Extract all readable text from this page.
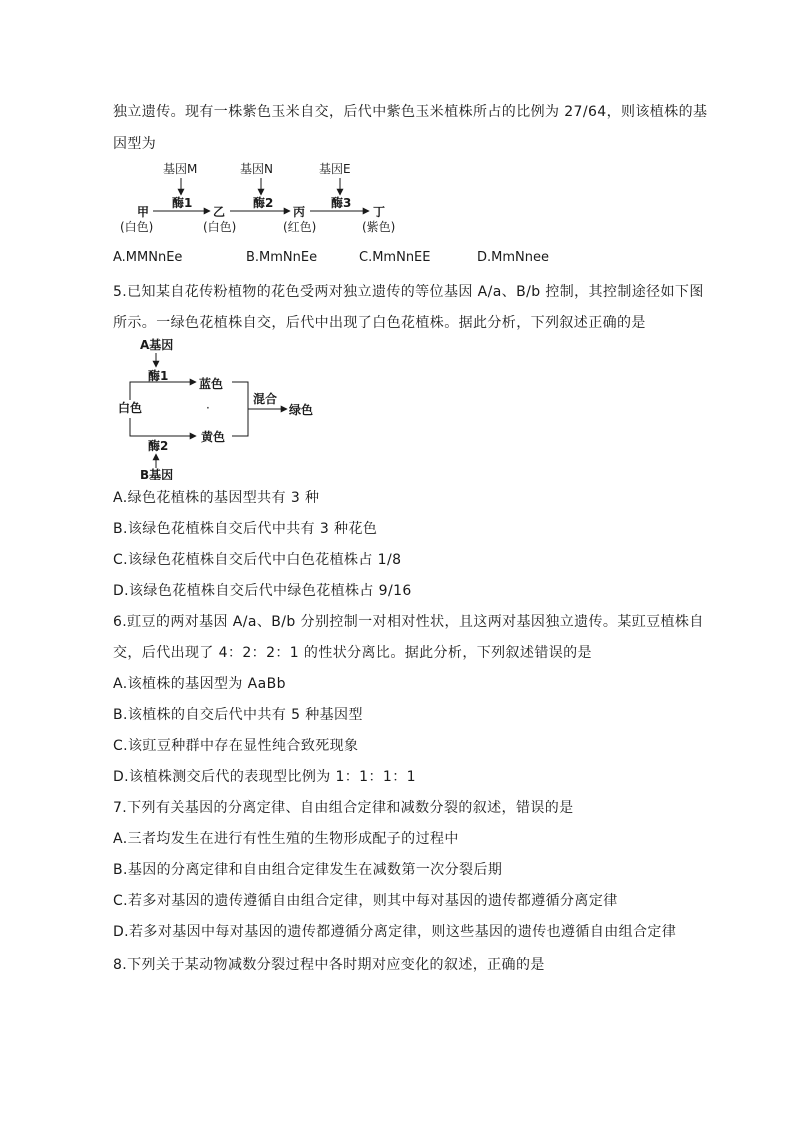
独立遗传。现有一株紫色玉米自交，后代中紫色玉米植株所占的比例为 27/64，则该植株的基
因型为
基因M	基因N	基因E
酶1	酶2	酶3
甲
(白色)
乙
(白色)
丙
(红色)
丁
(紫色)
A.MMNnEe	B.MmNnEe	C.MmNnEE	D.MmNnee
5.已知某自花传粉植物的花色受两对独立遗传的等位基因 A/a、B/b 控制，其控制途径如下图
所示。一绿色花植株自交，后代中出现了白色花植株。据此分析，下列叙述正确的是
A基因
酶1
蓝色
白色	·
黄色
混合
绿色
酶2
B基因
A.绿色花植株的基因型共有 3 种
B.该绿色花植株自交后代中共有 3 种花色
C.该绿色花植株自交后代中白色花植株占 1/8
D.该绿色花植株自交后代中绿色花植株占 9/16
6.豇豆的两对基因 A/a、B/b 分别控制一对相对性状，且这两对基因独立遗传。某豇豆植株自
交，后代出现了 4：2：2：1 的性状分离比。据此分析，下列叙述错误的是
A.该植株的基因型为 AaBb
B.该植株的自交后代中共有 5 种基因型
C.该豇豆种群中存在显性纯合致死现象
D.该植株测交后代的表现型比例为 1：1：1：1
7.下列有关基因的分离定律、自由组合定律和减数分裂的叙述，错误的是
A.三者均发生在进行有性生殖的生物形成配子的过程中
B.基因的分离定律和自由组合定律发生在减数第一次分裂后期
C.若多对基因的遗传遵循自由组合定律，则其中每对基因的遗传都遵循分离定律
D.若多对基因中每对基因的遗传都遵循分离定律，则这些基因的遗传也遵循自由组合定律
8.下列关于某动物减数分裂过程中各时期对应变化的叙述，正确的是
